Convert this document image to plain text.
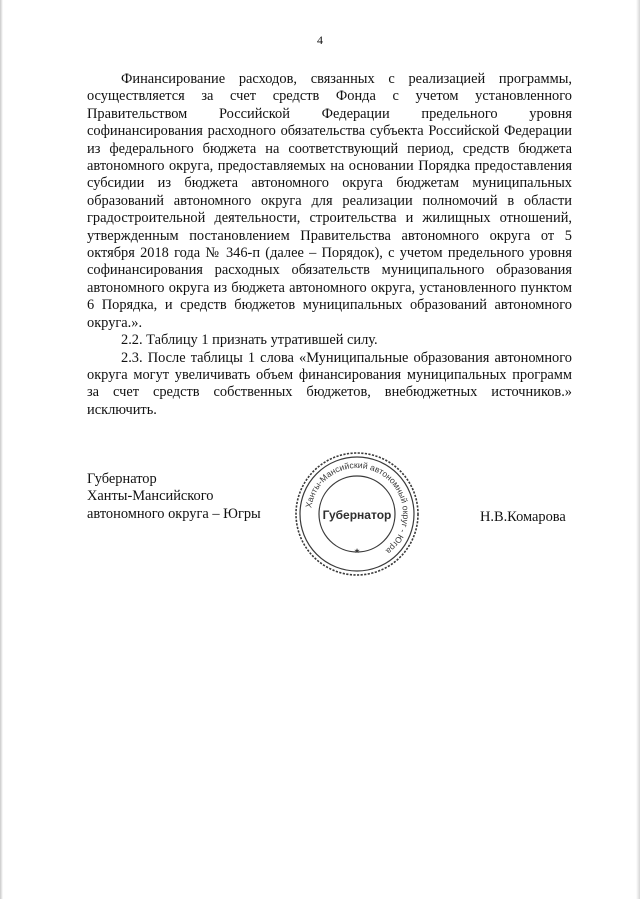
4

Финансирование расходов, связанных с реализацией программы, осуществляется за счет средств Фонда с учетом установленного Правительством Российской Федерации предельного уровня софинансирования расходного обязательства субъекта Российской Федерации из федерального бюджета на соответствующий период, средств бюджета автономного округа, предоставляемых на основании Порядка предоставления субсидии из бюджета автономного округа бюджетам муниципальных образований автономного округа для реализации полномочий в области градостроительной деятельности, строительства и жилищных отношений, утвержденным постановлением Правительства автономного округа от 5 октября 2018 года № 346-п (далее – Порядок), с учетом предельного уровня софинансирования расходных обязательств муниципального образования автономного округа из бюджета автономного округа, установленного пунктом 6 Порядка, и средств бюджетов муниципальных образований автономного округа.».

2.2. Таблицу 1 признать утратившей силу.

2.3. После таблицы 1 слова «Муниципальные образования автономного округа могут увеличивать объем финансирования муниципальных программ за счет средств собственных бюджетов, внебюджетных источников.» исключить.

Губернатор
Ханты-Мансийского
автономного округа – Югры
Ханты-Мансийский автономный округ - Югра
Губернатор
★
Н.В.Комарова
